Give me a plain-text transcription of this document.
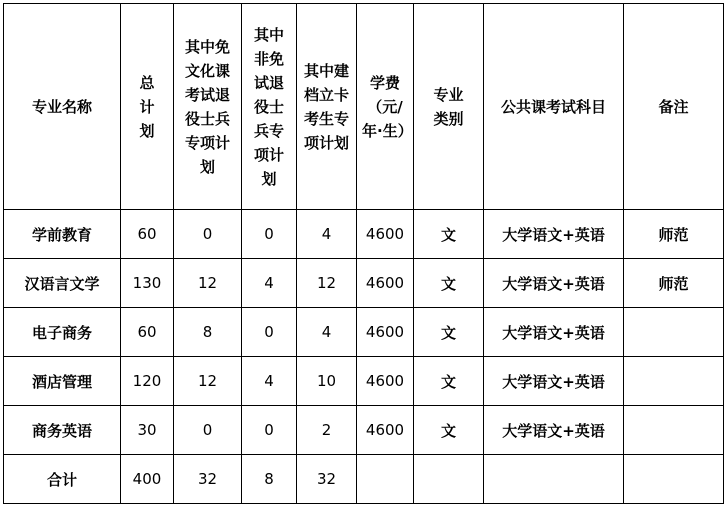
专业名称	总计划	其中免文化课考试退役士兵专项计划	其中非免试退役士兵专项计划	其中建档立卡考生专项计划	学费（元/年·生）	专业类别	公共课考试科目	备注
学前教育	60	0	0	4	4600	文	大学语文+英语	师范
汉语言文学	130	12	4	12	4600	文	大学语文+英语	师范
电子商务	60	8	0	4	4600	文	大学语文+英语	
酒店管理	120	12	4	10	4600	文	大学语文+英语	
商务英语	30	0	0	2	4600	文	大学语文+英语	
合计	400	32	8	32				
